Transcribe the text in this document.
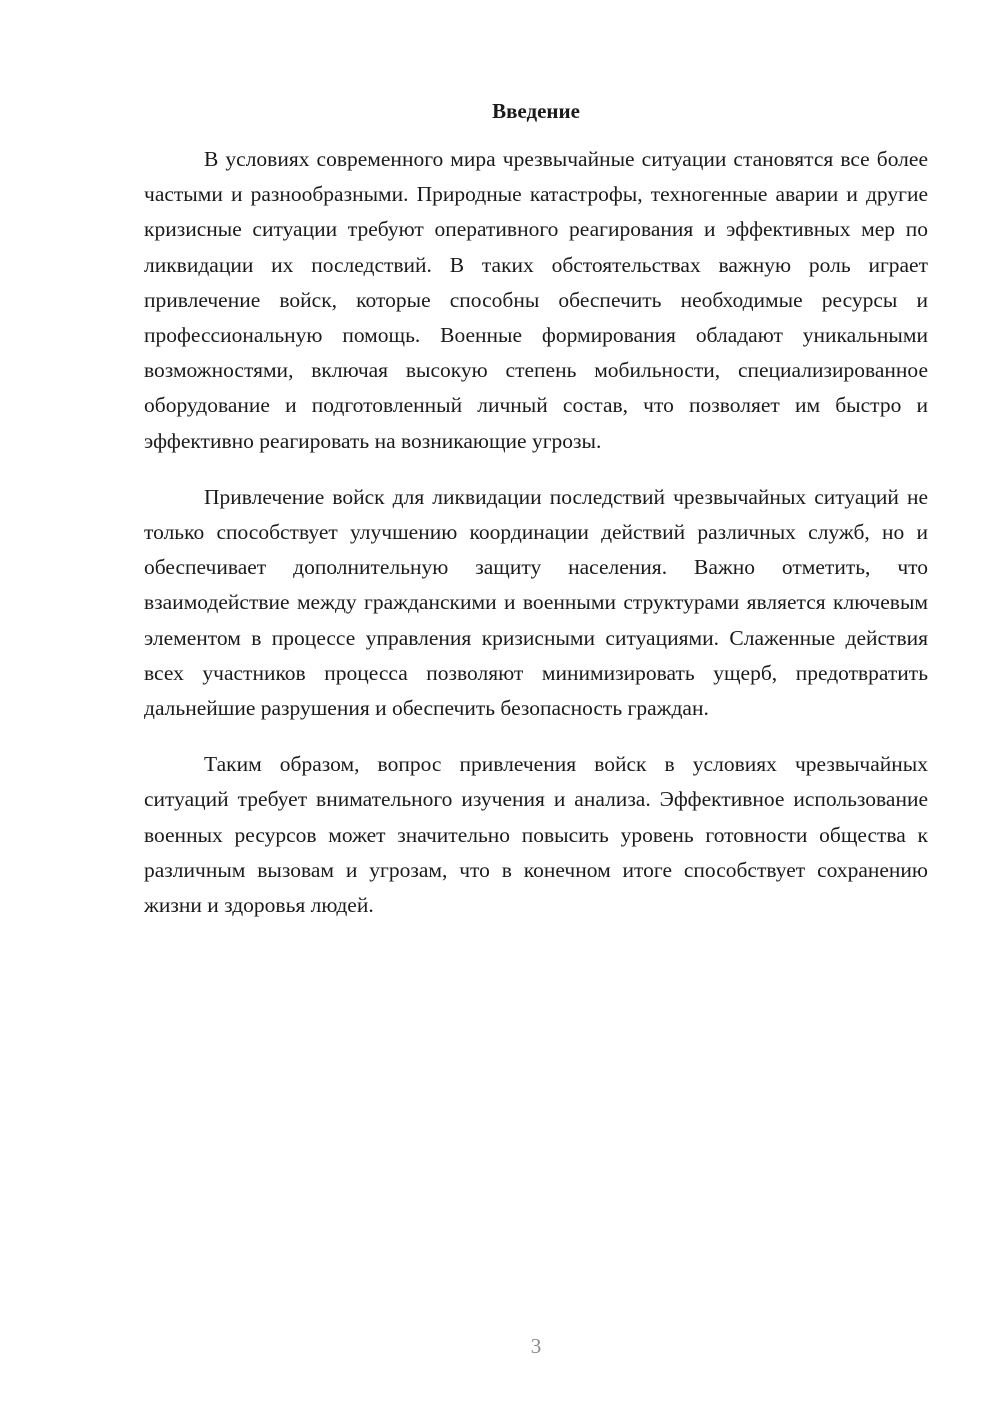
Введение

В условиях современного мира чрезвычайные ситуации становятся все более частыми и разнообразными. Природные катастрофы, техногенные аварии и другие кризисные ситуации требуют оперативного реагирования и эффективных мер по ликвидации их последствий. В таких обстоятельствах важную роль играет привлечение войск, которые способны обеспечить необходимые ресурсы и профессиональную помощь. Военные формирования обладают уникальными возможностями, включая высокую степень мобильности, специализированное оборудование и подготовленный личный состав, что позволяет им быстро и эффективно реагировать на возникающие угрозы.

Привлечение войск для ликвидации последствий чрезвычайных ситуаций не только способствует улучшению координации действий различных служб, но и обеспечивает дополнительную защиту населения. Важно отметить, что взаимодействие между гражданскими и военными структурами является ключевым элементом в процессе управления кризисными ситуациями. Слаженные действия всех участников процесса позволяют минимизировать ущерб, предотвратить дальнейшие разрушения и обеспечить безопасность граждан.

Таким образом, вопрос привлечения войск в условиях чрезвычайных ситуаций требует внимательного изучения и анализа. Эффективное использование военных ресурсов может значительно повысить уровень готовности общества к различным вызовам и угрозам, что в конечном итоге способствует сохранению жизни и здоровья людей.

3
